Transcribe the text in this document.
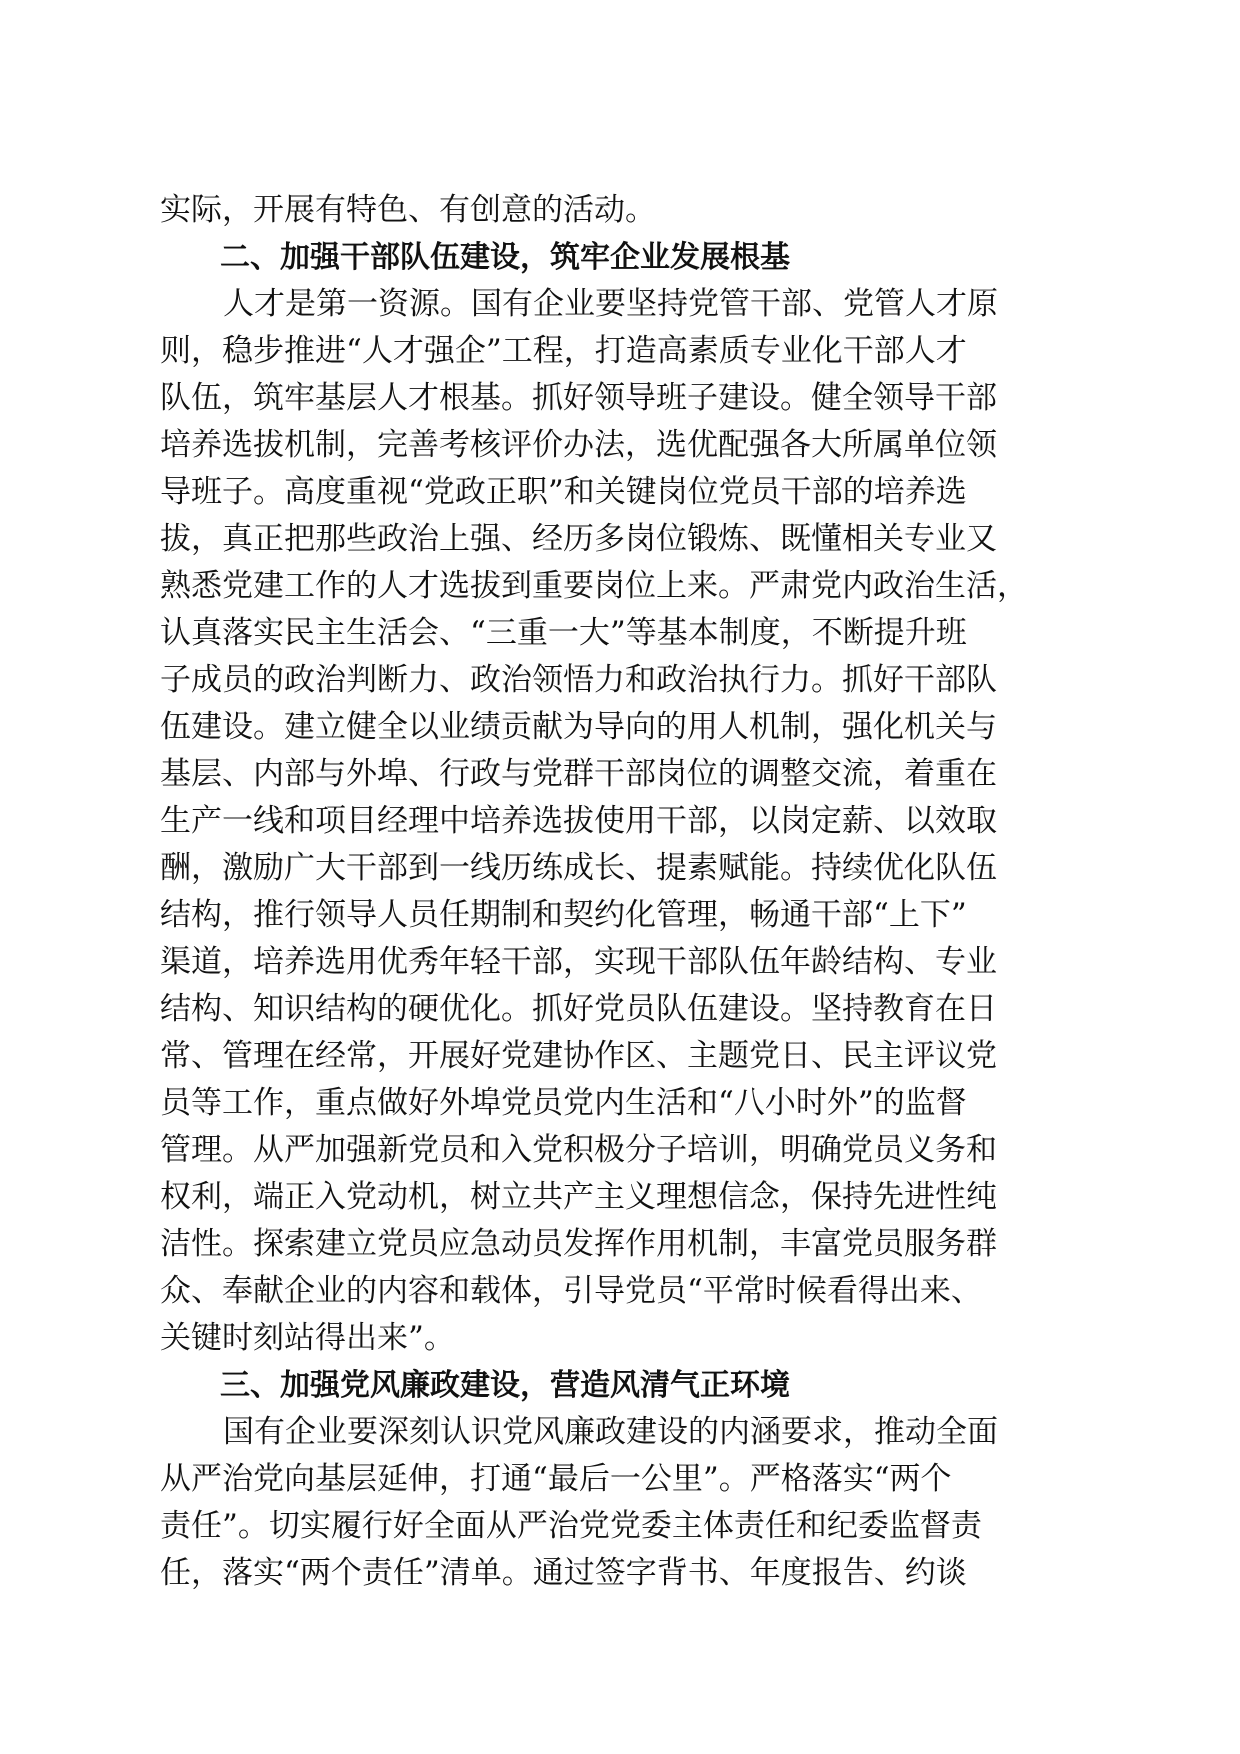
实际，开展有特色、有创意的活动。
二、加强干部队伍建设，筑牢企业发展根基
人才是第一资源。国有企业要坚持党管干部、党管人才原
则，稳步推进“人才强企”工程，打造高素质专业化干部人才
队伍，筑牢基层人才根基。抓好领导班子建设。健全领导干部
培养选拔机制，完善考核评价办法，选优配强各大所属单位领
导班子。高度重视“党政正职”和关键岗位党员干部的培养选
拔，真正把那些政治上强、经历多岗位锻炼、既懂相关专业又
熟悉党建工作的人才选拔到重要岗位上来。严肃党内政治生活，
认真落实民主生活会、“三重一大”等基本制度，不断提升班
子成员的政治判断力、政治领悟力和政治执行力。抓好干部队
伍建设。建立健全以业绩贡献为导向的用人机制，强化机关与
基层、内部与外埠、行政与党群干部岗位的调整交流，着重在
生产一线和项目经理中培养选拔使用干部，以岗定薪、以效取
酬，激励广大干部到一线历练成长、提素赋能。持续优化队伍
结构，推行领导人员任期制和契约化管理，畅通干部“上下”
渠道，培养选用优秀年轻干部，实现干部队伍年龄结构、专业
结构、知识结构的硬优化。抓好党员队伍建设。坚持教育在日
常、管理在经常，开展好党建协作区、主题党日、民主评议党
员等工作，重点做好外埠党员党内生活和“八小时外”的监督
管理。从严加强新党员和入党积极分子培训，明确党员义务和
权利，端正入党动机，树立共产主义理想信念，保持先进性纯
洁性。探索建立党员应急动员发挥作用机制，丰富党员服务群
众、奉献企业的内容和载体，引导党员“平常时候看得出来、
关键时刻站得出来”。
三、加强党风廉政建设，营造风清气正环境
国有企业要深刻认识党风廉政建设的内涵要求，推动全面
从严治党向基层延伸，打通“最后一公里”。严格落实“两个
责任”。切实履行好全面从严治党党委主体责任和纪委监督责
任，落实“两个责任”清单。通过签字背书、年度报告、约谈
